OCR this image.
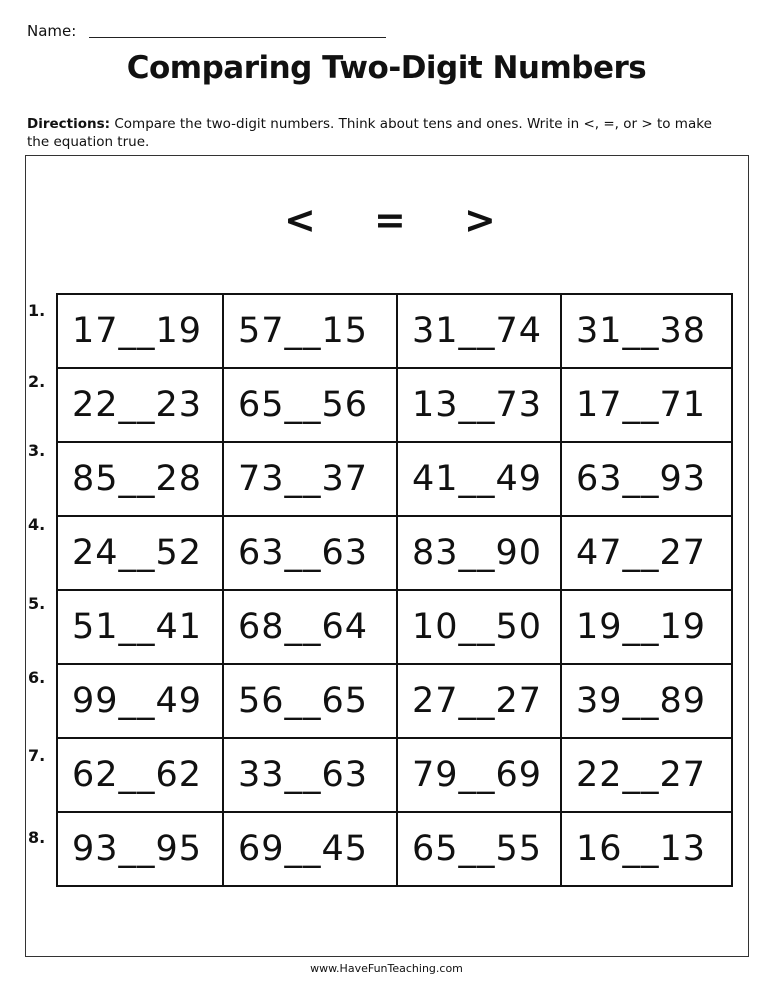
Name:
Comparing Two-Digit Numbers
Directions: Compare the two-digit numbers. Think about tens and ones. Write in <, =, or > to make the equation true.
< = >
1.
2.
3.
4.
5.
6.
7.
8.
17__19	57__15	31__74	31__38
22__23	65__56	13__73	17__71
85__28	73__37	41__49	63__93
24__52	63__63	83__90	47__27
51__41	68__64	10__50	19__19
99__49	56__65	27__27	39__89
62__62	33__63	79__69	22__27
93__95	69__45	65__55	16__13
www.HaveFunTeaching.com
